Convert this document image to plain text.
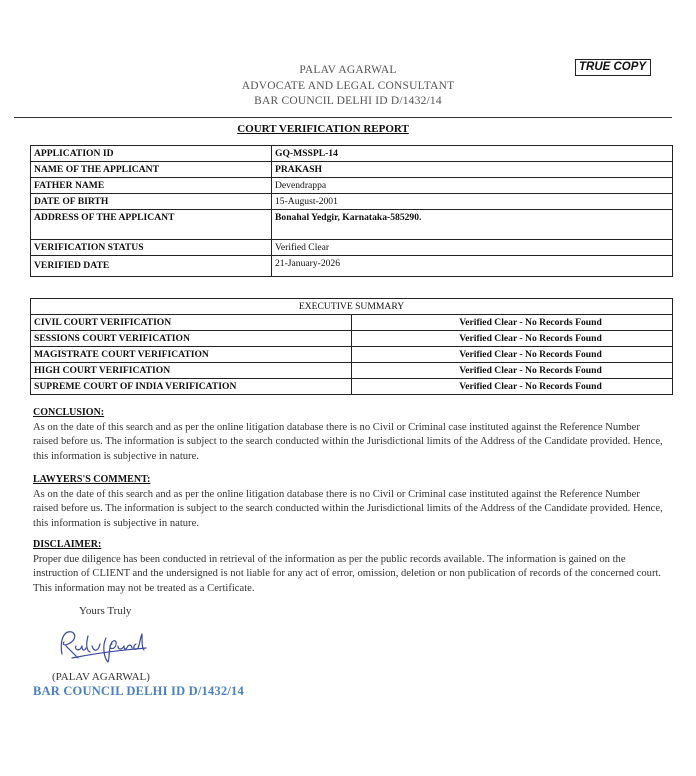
TRUE COPY
PALAV AGARWAL
ADVOCATE AND LEGAL CONSULTANT
BAR COUNCIL DELHI ID D/1432/14
COURT VERIFICATION REPORT
APPLICATION ID	GQ-MSSPL-14
NAME OF THE APPLICANT	PRAKASH
FATHER NAME	Devendrappa
DATE OF BIRTH	15-August-2001
ADDRESS OF THE APPLICANT	Bonahal Yedgir, Karnataka-585290.
VERIFICATION STATUS	Verified Clear
VERIFIED DATE	21-January-2026
EXECUTIVE SUMMARY	
CIVIL COURT VERIFICATION	Verified Clear - No Records Found
SESSIONS COURT VERIFICATION	Verified Clear - No Records Found
MAGISTRATE COURT VERIFICATION	Verified Clear - No Records Found
HIGH COURT VERIFICATION	Verified Clear - No Records Found
SUPREME COURT OF INDIA VERIFICATION	Verified Clear - No Records Found
CONCLUSION:

As on the date of this search and as per the online litigation database there is no Civil or Criminal case instituted against the Reference Number raised before us. The information is subject to the search conducted within the Jurisdictional limits of the Address of the Candidate provided. Hence, this information is subjective in nature.

LAWYERS'S COMMENT:

As on the date of this search and as per the online litigation database there is no Civil or Criminal case instituted against the Reference Number raised before us. The information is subject to the search conducted within the Jurisdictional limits of the Address of the Candidate provided. Hence, this information is subjective in nature.

DISCLAIMER:

Proper due diligence has been conducted in retrieval of the information as per the public records available. The information is gained on the instruction of CLIENT and the undersigned is not liable for any act of error, omission, deletion or non publication of records of the concerned court. This information may not be treated as a Certificate.

Yours Truly
(PALAV AGARWAL)
BAR COUNCIL DELHI ID D/1432/14
